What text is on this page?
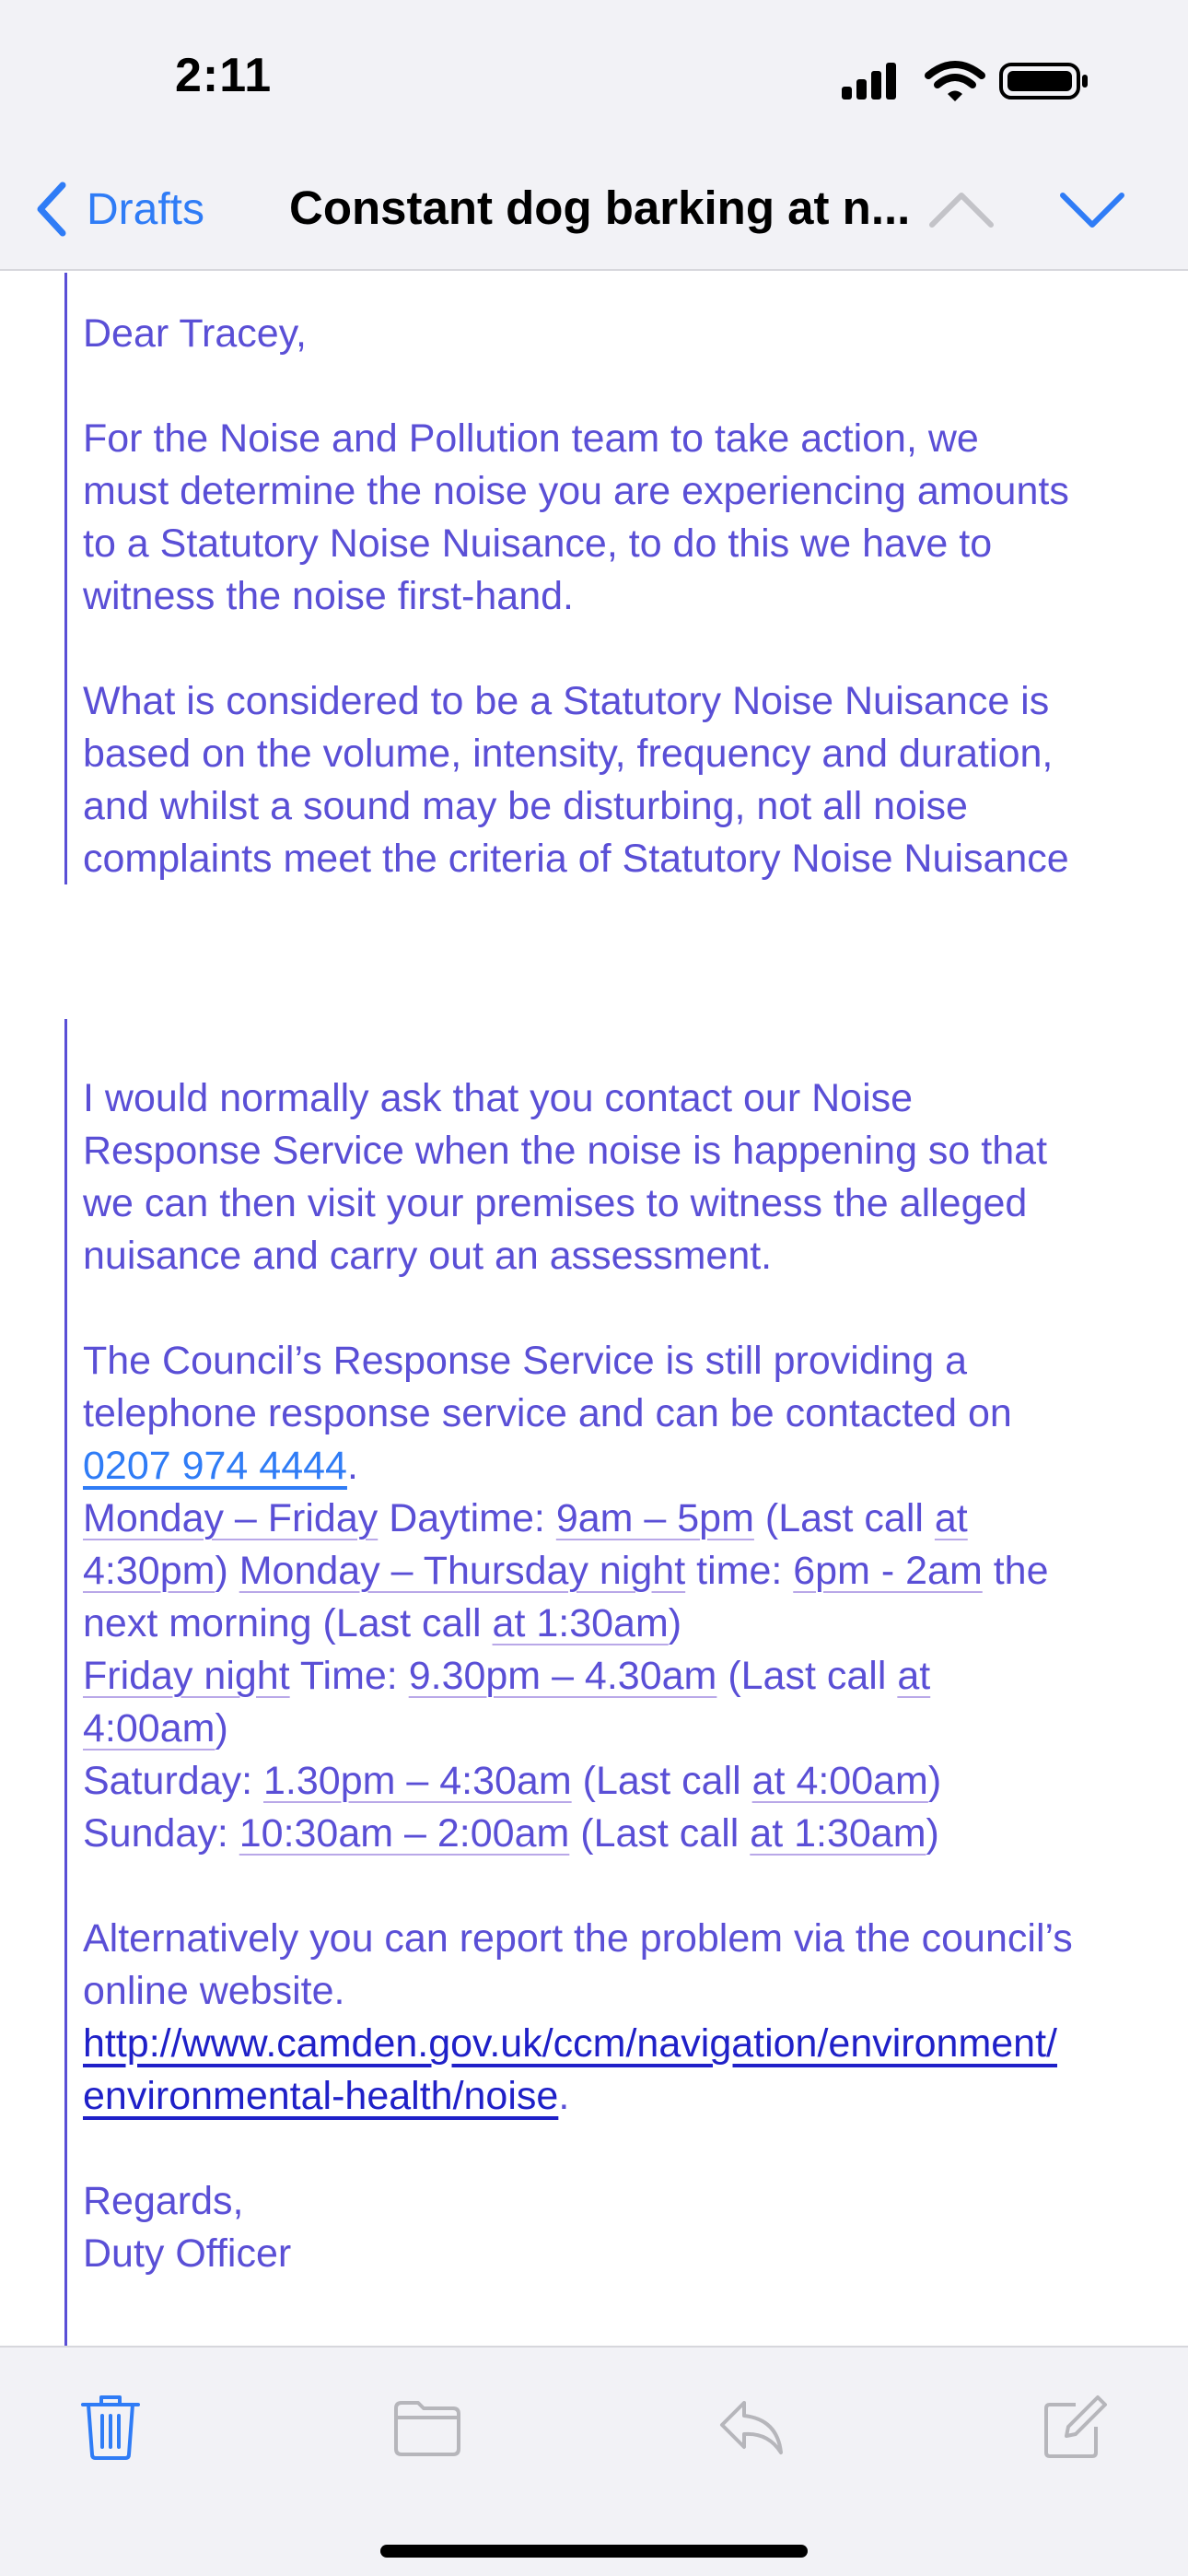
2:11
Drafts Constant dog barking at n...
Dear Tracey,
For the Noise and Pollution team to take action, we
must determine the noise you are experiencing amounts
to a Statutory Noise Nuisance, to do this we have to
witness the noise first-hand.
What is considered to be a Statutory Noise Nuisance is
based on the volume, intensity, frequency and duration,
and whilst a sound may be disturbing, not all noise
complaints meet the criteria of Statutory Noise Nuisance
I would normally ask that you contact our Noise
Response Service when the noise is happening so that
we can then visit your premises to witness the alleged
nuisance and carry out an assessment.
The Council’s Response Service is still providing a
telephone response service and can be contacted on
0207 974 4444.
Monday – Friday Daytime: 9am – 5pm (Last call at
4:30pm) Monday – Thursday night time: 6pm - 2am the
next morning (Last call at 1:30am)
Friday night Time: 9.30pm – 4.30am (Last call at
4:00am)
Saturday: 1.30pm – 4:30am (Last call at 4:00am)
Sunday: 10:30am – 2:00am (Last call at 1:30am)
Alternatively you can report the problem via the council’s
online website.
http://www.camden.gov.uk/ccm/navigation/environment/
environmental-health/noise.
Regards,
Duty Officer
